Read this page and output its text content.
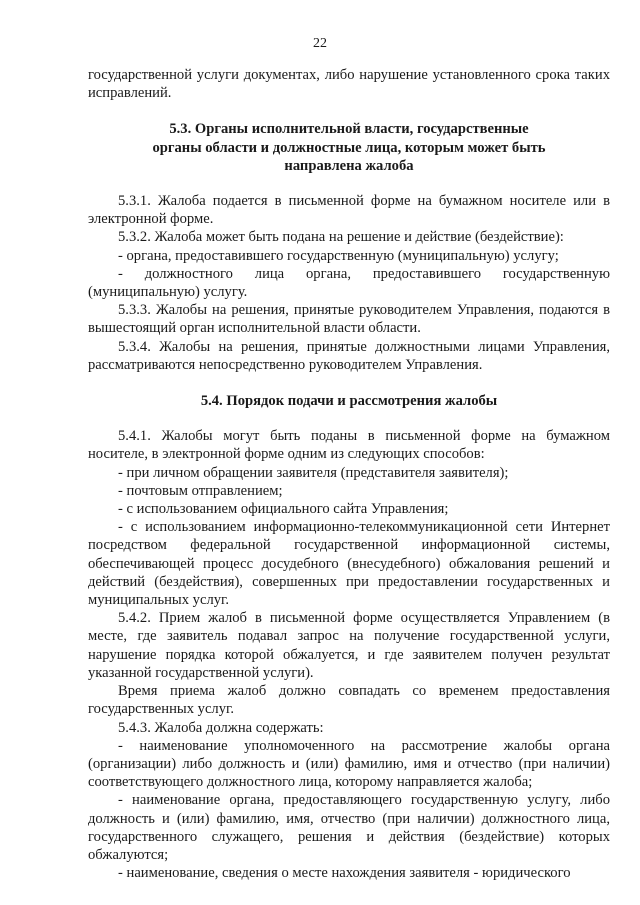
22

государственной услуги документах, либо нарушение установленного срока таких исправлений.

5.3. Органы исполнительной власти, государственные
органы области и должностные лица, которым может быть
направлена жалоба

5.3.1. Жалоба подается в письменной форме на бумажном носителе или в электронной форме.

5.3.2. Жалоба может быть подана на решение и действие (бездействие):

- органа, предоставившего государственную (муниципальную) услугу;

- должностного лица органа, предоставившего государственную (муниципальную) услугу.

5.3.3. Жалобы на решения, принятые руководителем Управления, подаются в вышестоящий орган исполнительной власти области.

5.3.4. Жалобы на решения, принятые должностными лицами Управления, рассматриваются непосредственно руководителем Управления.

5.4. Порядок подачи и рассмотрения жалобы

5.4.1. Жалобы могут быть поданы в письменной форме на бумажном носителе, в электронной форме одним из следующих способов:

- при личном обращении заявителя (представителя заявителя);

- почтовым отправлением;

- с использованием официального сайта Управления;

- с использованием информационно-телекоммуникационной сети Интернет посредством федеральной государственной информационной системы, обеспечивающей процесс досудебного (внесудебного) обжалования решений и действий (бездействия), совершенных при предоставлении государственных и муниципальных услуг.

5.4.2. Прием жалоб в письменной форме осуществляется Управлением (в месте, где заявитель подавал запрос на получение государственной услуги, нарушение порядка которой обжалуется, и где заявителем получен результат указанной государственной услуги).

Время приема жалоб должно совпадать со временем предоставления государственных услуг.

5.4.3. Жалоба должна содержать:

- наименование уполномоченного на рассмотрение жалобы органа (организации) либо должность и (или) фамилию, имя и отчество (при наличии) соответствующего должностного лица, которому направляется жалоба;

- наименование органа, предоставляющего государственную услугу, либо должность и (или) фамилию, имя, отчество (при наличии) должностного лица, государственного служащего, решения и действия (бездействие) которых обжалуются;

- наименование, сведения о месте нахождения заявителя - юридического
